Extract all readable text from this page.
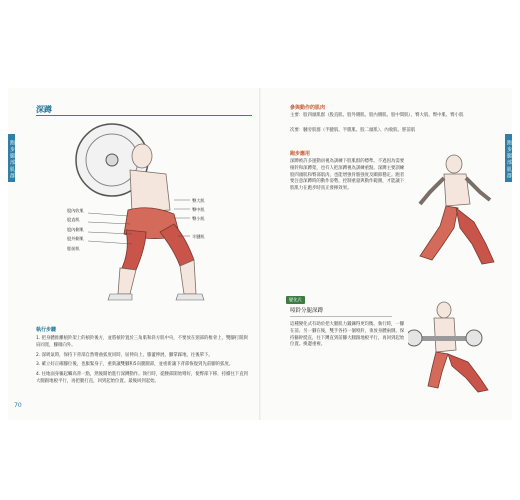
跑 步 腿 部 肌 群	跑 步 腿 部 肌 群
深蹲
股內收肌
股直肌
股內側肌
股外側肌
脛前肌
臀大肌
臀中肌
臀小肌
半腱肌
執行步驟

1. 把身體推離槓鈴架上的槓鈴後方，並將槓鈴置於三角肌和斜方肌中央，不要放在頸部的椎骨上，雙腳打開與肩同寬，腳微向外。

2. 深吸氣時，保持下背部自然彎曲弧度同時，屈伸向上，膝蓋伸展，腳掌踩地，往後單下。

3. 確立好正確腳位後，也脹緊身子，重新讓雙腳和5向腿腿部，並重新讓下背部恢復到先前腳的弧度。

4. 往地面身軀起觸高背一點，然後開始進行深蹲動作。執行時，從腰部開始彎好，使臀部下移，持續往下直到大腿跟地板平行，再把腿打直，回到起始位置。最後回到起始。

70
參與動作的肌肉
主要：股四頭肌群（股直肌、股外側肌、股內側肌、股中間肌）、臀大肌、臀中肌、臀小肌
次要：膕旁肌群（半腱肌、半膜肌、股二頭肌）、內收肌、脛前肌
跑步應用
深蹲被許多運動員視為訓練下肢肌群的標準。不過因為需要槓鈴和深蹲架，也有人把深蹲視為訓練重點。深蹲主要訓練股四頭肌和臀部肌肉，也能增強骨骼強度及關節穩定。跑者要注意深蹲時的動作姿勢，控制重量與動作範圍，才能讓下肢肌力在跑步時真正發揮效果。
變化式
啞鈴分腿深蹲
這種變化式有助於把大腿肌力鍛鍊得更均衡。執行時，一腳在前、另一腳在後，雙手各持一個啞鈴，垂放身體兩側。保持軀幹挺直，往下蹲直到前腳大腿跟地板平行，再回到起始位置。換邊重複。
